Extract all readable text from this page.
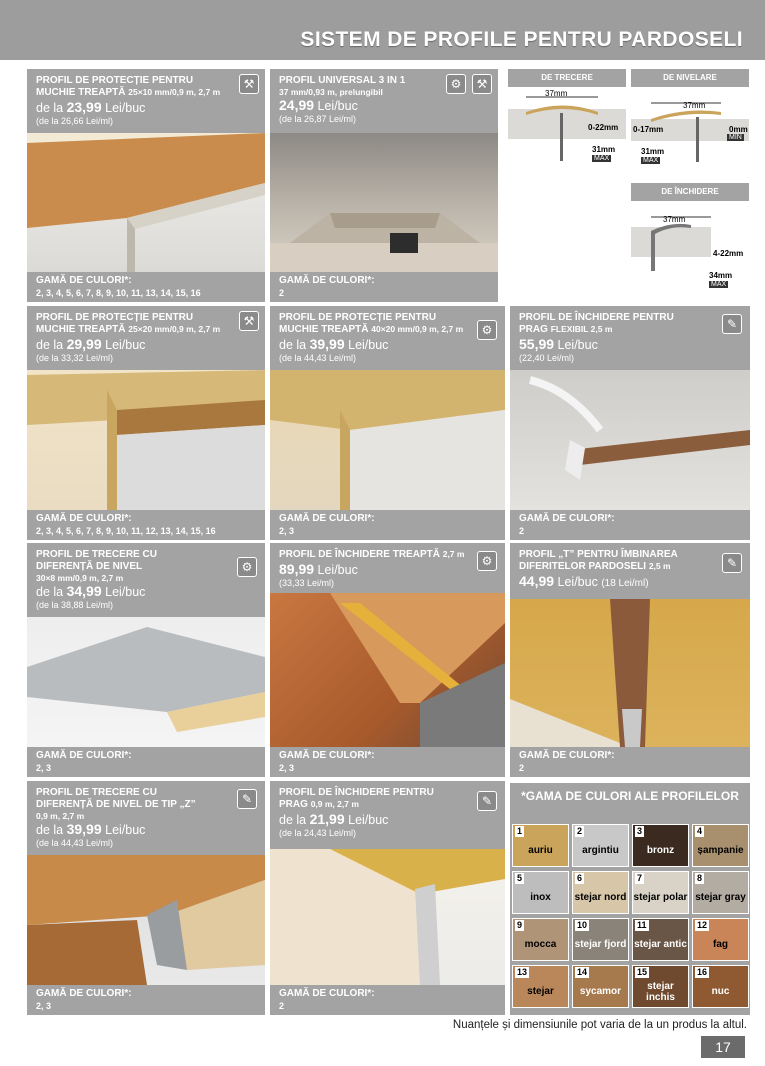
SISTEM DE PROFILE PENTRU PARDOSELI
PROFIL DE PROTECȚIE PENTRU
MUCHIE TREAPTĂ 25×10 mm/0,9 m, 2,7 m
de la 23,99 Lei/buc
(de la 26,66 Lei/ml)
⚒
GAMĂ DE CULORI*:
2, 3, 4, 5, 6, 7, 8, 9, 10, 11, 13, 14, 15, 16
PROFIL UNIVERSAL 3 IN 1
37 mm/0,93 m, prelungibil
24,99 Lei/buc
(de la 26,87 Lei/ml)
⚙	⚒
GAMĂ DE CULORI*:
2
DE TRECERE
37mm
0-22mm
31mm
MAX
DE NIVELARE
37mm
0-17mm	0mm
MIN
31mm
MAX
DE ÎNCHIDERE
37mm
4-22mm
34mm
MAX
PROFIL DE PROTECȚIE PENTRU
MUCHIE TREAPTĂ 25×20 mm/0,9 m, 2,7 m
de la 29,99 Lei/buc
(de la 33,32 Lei/ml)
⚒
GAMĂ DE CULORI*:
2, 3, 4, 5, 6, 7, 8, 9, 10, 11, 12, 13, 14, 15, 16
PROFIL DE PROTECȚIE PENTRU
MUCHIE TREAPTĂ 40×20 mm/0,9 m, 2,7 m
de la 39,99 Lei/buc
(de la 44,43 Lei/ml)
⚙
GAMĂ DE CULORI*:
2, 3
PROFIL DE ÎNCHIDERE PENTRU
PRAG FLEXIBIL 2,5 m
55,99 Lei/buc
(22,40 Lei/ml)
✎
GAMĂ DE CULORI*:
2
PROFIL DE TRECERE CU
DIFERENȚĂ DE NIVEL
30×8 mm/0,9 m, 2,7 m
de la 34,99 Lei/buc
(de la 38,88 Lei/ml)
⚙
GAMĂ DE CULORI*:
2, 3
PROFIL DE ÎNCHIDERE TREAPTĂ 2,7 m
89,99 Lei/buc
(33,33 Lei/ml)
⚙
GAMĂ DE CULORI*:
2, 3
PROFIL „T” PENTRU ÎMBINAREA
DIFERITELOR PARDOSELI 2,5 m
44,99 Lei/buc (18 Lei/ml)
✎
GAMĂ DE CULORI*:
2
PROFIL DE TRECERE CU
DIFERENȚĂ DE NIVEL DE TIP „Z”
0,9 m, 2,7 m
de la 39,99 Lei/buc
(de la 44,43 Lei/ml)
✎
GAMĂ DE CULORI*:
2, 3
PROFIL DE ÎNCHIDERE PENTRU
PRAG 0,9 m, 2,7 m
de la 21,99 Lei/buc
(de la 24,43 Lei/ml)
✎
GAMĂ DE CULORI*:
2
*GAMA DE CULORI ALE PROFILELOR
1
auriu
2
argintiu
3
bronz
4
șampanie
5
inox
6
stejar nord
7
stejar polar
8
stejar gray
9
mocca
10
stejar fjord
11
stejar antic
12
fag
13
stejar
14
sycamor
15
stejar inchis
16
nuc
Nuanțele și dimensiunile pot varia de la un produs la altul.
17
